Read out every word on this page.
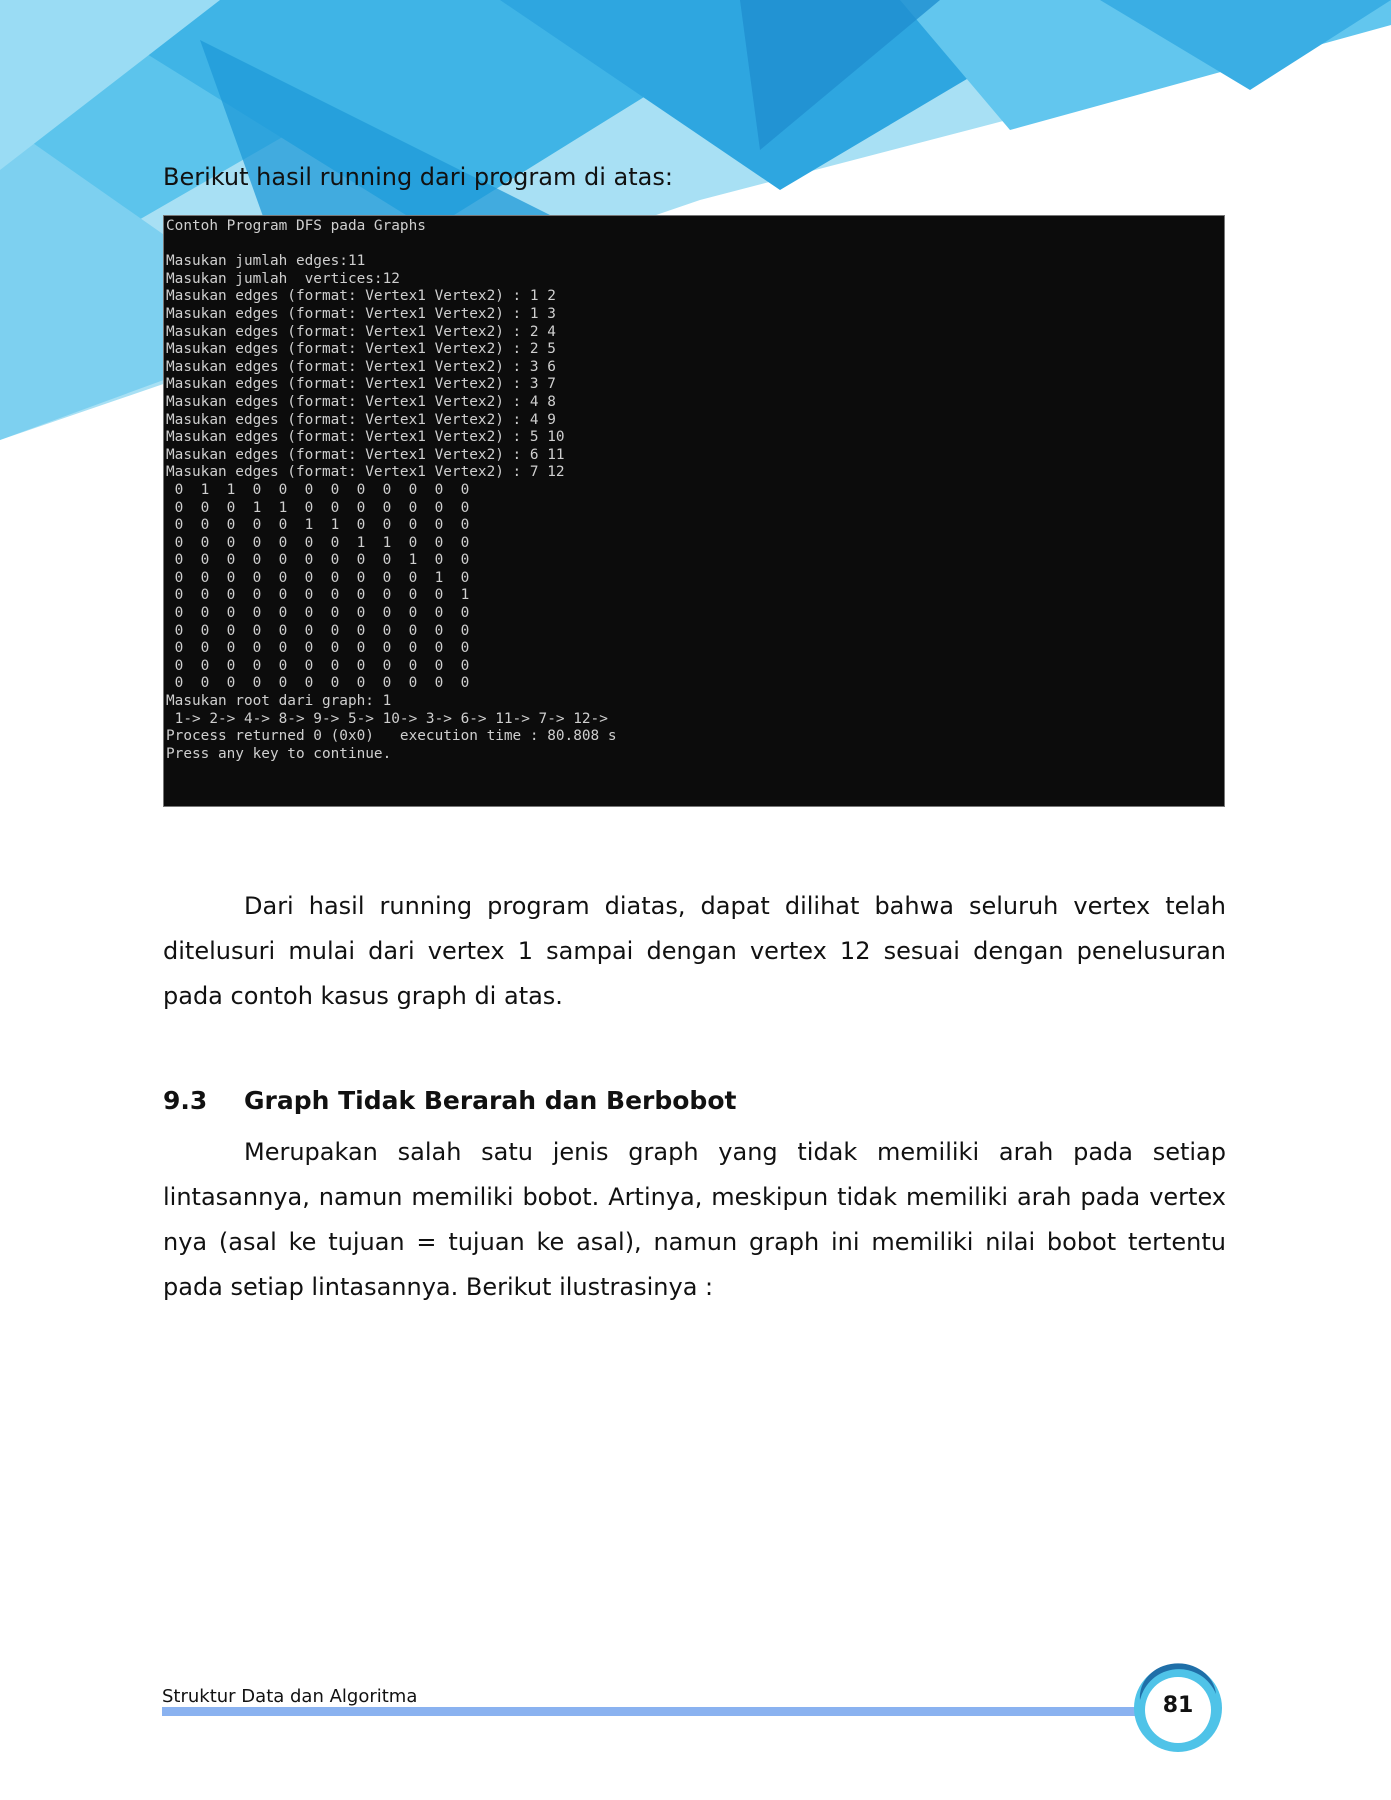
Berikut hasil running dari program di atas:

Contoh Program DFS pada Graphs

Masukan jumlah edges:11
Masukan jumlah  vertices:12
Masukan edges (format: Vertex1 Vertex2) : 1 2
Masukan edges (format: Vertex1 Vertex2) : 1 3
Masukan edges (format: Vertex1 Vertex2) : 2 4
Masukan edges (format: Vertex1 Vertex2) : 2 5
Masukan edges (format: Vertex1 Vertex2) : 3 6
Masukan edges (format: Vertex1 Vertex2) : 3 7
Masukan edges (format: Vertex1 Vertex2) : 4 8
Masukan edges (format: Vertex1 Vertex2) : 4 9
Masukan edges (format: Vertex1 Vertex2) : 5 10
Masukan edges (format: Vertex1 Vertex2) : 6 11
Masukan edges (format: Vertex1 Vertex2) : 7 12
0  1  1  0  0  0  0  0  0  0  0  0
0  0  0  1  1  0  0  0  0  0  0  0
0  0  0  0  0  1  1  0  0  0  0  0
0  0  0  0  0  0  0  1  1  0  0  0
0  0  0  0  0  0  0  0  0  1  0  0
0  0  0  0  0  0  0  0  0  0  1  0
0  0  0  0  0  0  0  0  0  0  0  1
0  0  0  0  0  0  0  0  0  0  0  0
0  0  0  0  0  0  0  0  0  0  0  0
0  0  0  0  0  0  0  0  0  0  0  0
0  0  0  0  0  0  0  0  0  0  0  0
0  0  0  0  0  0  0  0  0  0  0  0
Masukan root dari graph: 1
1-> 2-> 4-> 8-> 9-> 5-> 10-> 3-> 6-> 11-> 7-> 12->
Process returned 0 (0x0)   execution time : 80.808 s
Press any key to continue.

Dari hasil running program diatas, dapat dilihat bahwa seluruh vertex telah ditelusuri mulai dari vertex 1 sampai dengan vertex 12 sesuai dengan penelusuran pada contoh kasus graph di atas.

9.3 Graph Tidak Berarah dan Berbobot

Merupakan salah satu jenis graph yang tidak memiliki arah pada setiap lintasannya, namun memiliki bobot. Artinya, meskipun tidak memiliki arah pada vertex nya (asal ke tujuan = tujuan ke asal), namun graph ini memiliki nilai bobot tertentu pada setiap lintasannya. Berikut ilustrasinya :

Struktur Data dan Algoritma	81
